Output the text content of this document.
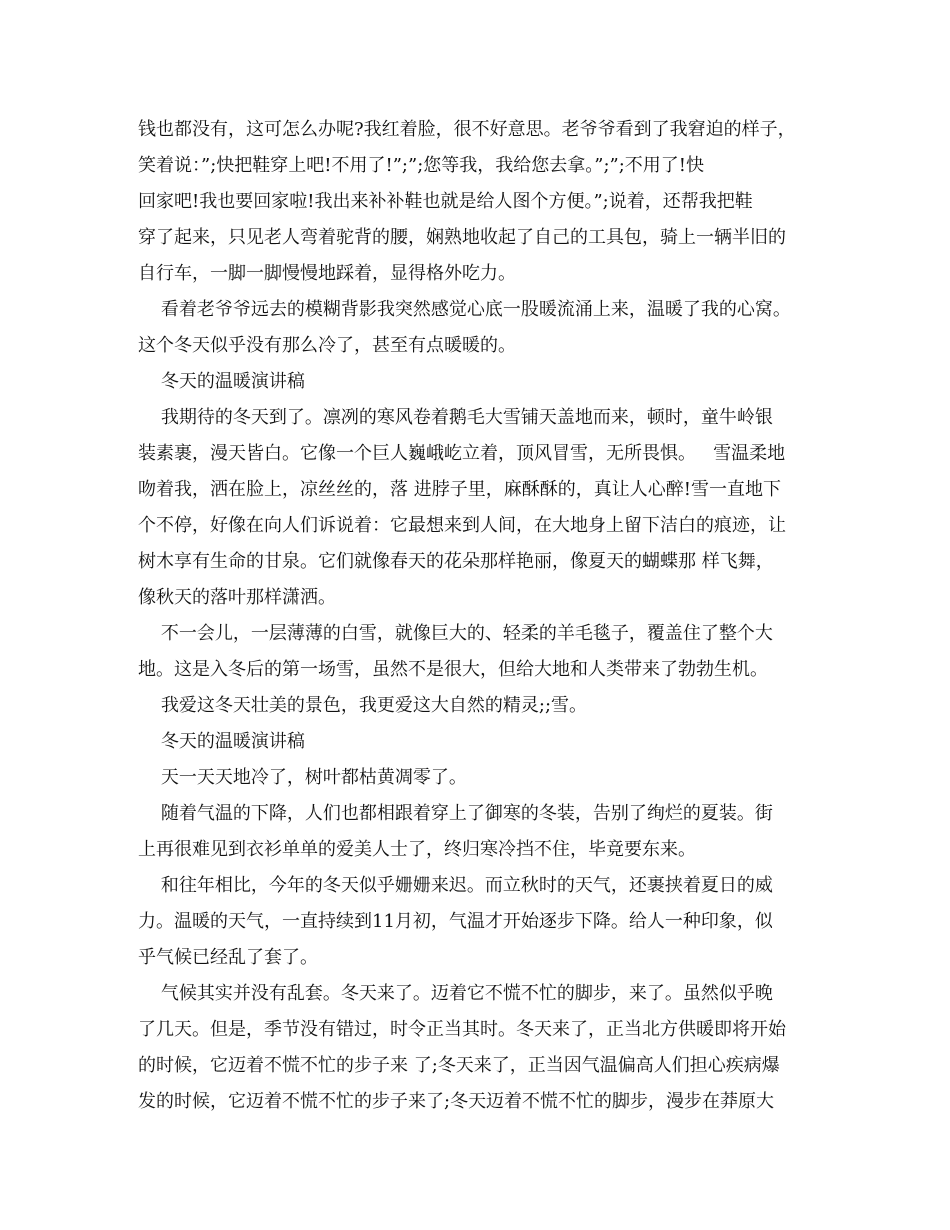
钱也都没有，这可怎么办呢?我红着脸，很不好意思。老爷爷看到了我窘迫的样子，
笑着说：”;快把鞋穿上吧!不用了!”;”;您等我，我给您去拿。”;”;不用了!快
回家吧!我也要回家啦!我出来补补鞋也就是给人图个方便。”;说着，还帮我把鞋
穿了起来，只见老人弯着驼背的腰，娴熟地收起了自己的工具包，骑上一辆半旧的
自行车，一脚一脚慢慢地踩着，显得格外吃力。
看着老爷爷远去的模糊背影我突然感觉心底一股暖流涌上来，温暖了我的心窝。
这个冬天似乎没有那么冷了，甚至有点暖暖的。
冬天的温暖演讲稿
我期待的冬天到了。凛冽的寒风卷着鹅毛大雪铺天盖地而来，顿时，童牛岭银
装素裹，漫天皆白。它像一个巨人巍峨屹立着，顶风冒雪，无所畏惧。   雪温柔地
吻着我，洒在脸上，凉丝丝的，落 进脖子里，麻酥酥的，真让人心醉!雪一直地下
个不停，好像在向人们诉说着：它最想来到人间，在大地身上留下洁白的痕迹，让
树木享有生命的甘泉。它们就像春天的花朵那样艳丽，像夏天的蝴蝶那 样飞舞，
像秋天的落叶那样潇洒。
不一会儿，一层薄薄的白雪，就像巨大的、轻柔的羊毛毯子，覆盖住了整个大
地。这是入冬后的第一场雪，虽然不是很大，但给大地和人类带来了勃勃生机。
我爱这冬天壮美的景色，我更爱这大自然的精灵;;雪。
冬天的温暖演讲稿
天一天天地冷了，树叶都枯黄凋零了。
随着气温的下降，人们也都相跟着穿上了御寒的冬装，告别了绚烂的夏装。街
上再很难见到衣衫单单的爱美人士了，终归寒冷挡不住，毕竟要东来。
和往年相比，今年的冬天似乎姗姗来迟。而立秋时的天气，还裹挟着夏日的威
力。温暖的天气，一直持续到11月初，气温才开始逐步下降。给人一种印象，似
乎气候已经乱了套了。
气候其实并没有乱套。冬天来了。迈着它不慌不忙的脚步，来了。虽然似乎晚
了几天。但是，季节没有错过，时令正当其时。冬天来了，正当北方供暖即将开始
的时候，它迈着不慌不忙的步子来 了;冬天来了，正当因气温偏高人们担心疾病爆
发的时候，它迈着不慌不忙的步子来了;冬天迈着不慌不忙的脚步，漫步在莽原大
